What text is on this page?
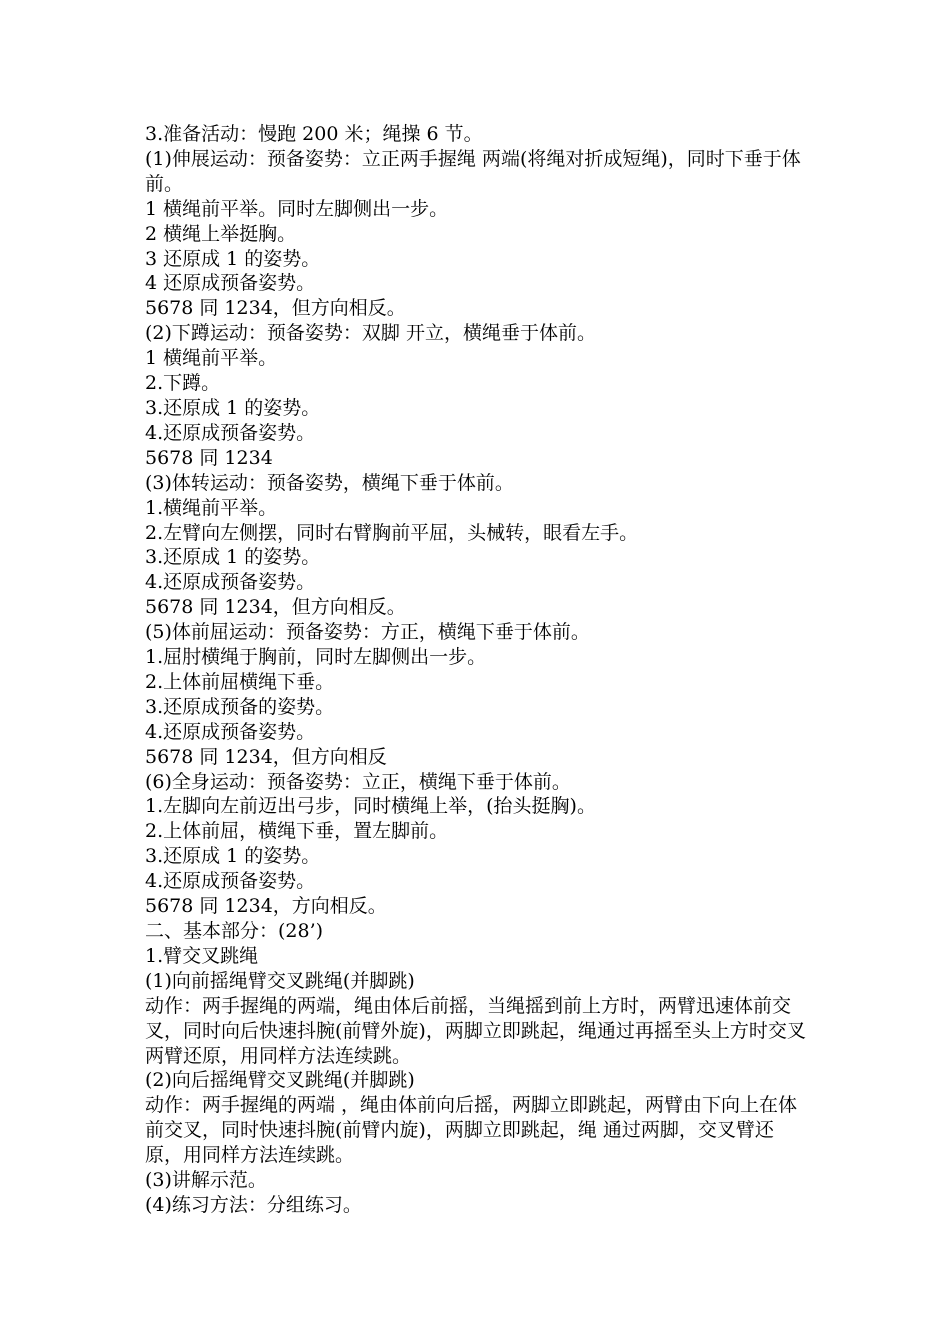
3.准备活动：慢跑 200 米；绳操 6 节。

(1)伸展运动：预备姿势：立正两手握绳 两端(将绳对折成短绳)，同时下垂于体前。

1 横绳前平举。同时左脚侧出一步。

2 横绳上举挺胸。

3 还原成 1 的姿势。

4 还原成预备姿势。

5678 同 1234，但方向相反。

(2)下蹲运动：预备姿势：双脚 开立，横绳垂于体前。

1 横绳前平举。

2.下蹲。

3.还原成 1 的姿势。

4.还原成预备姿势。

5678 同 1234

(3)体转运动：预备姿势，横绳下垂于体前。

1.横绳前平举。

2.左臂向左侧摆，同时右臂胸前平屈，头械转，眼看左手。

3.还原成 1 的姿势。

4.还原成预备姿势。

5678 同 1234，但方向相反。

(5)体前屈运动：预备姿势：方正，横绳下垂于体前。

1.屈肘横绳于胸前，同时左脚侧出一步。

2.上体前屈横绳下垂。

3.还原成预备的姿势。

4.还原成预备姿势。

5678 同 1234，但方向相反

(6)全身运动：预备姿势：立正，横绳下垂于体前。

1.左脚向左前迈出弓步，同时横绳上举，(抬头挺胸)。

2.上体前屈，横绳下垂，置左脚前。

3.还原成 1 的姿势。

4.还原成预备姿势。

5678 同 1234，方向相反。

二、基本部分：(28’)

1.臂交叉跳绳

(1)向前摇绳臂交叉跳绳(并脚跳)

动作：两手握绳的两端，绳由体后前摇，当绳摇到前上方时，两臂迅速体前交叉，同时向后快速抖腕(前臂外旋)，两脚立即跳起，绳通过再摇至头上方时交叉两臂还原，用同样方法连续跳。

(2)向后摇绳臂交叉跳绳(并脚跳)

动作：两手握绳的两端 ，绳由体前向后摇，两脚立即跳起，两臂由下向上在体前交叉，同时快速抖腕(前臂内旋)，两脚立即跳起，绳 通过两脚，交叉臂还原，用同样方法连续跳。

(3)讲解示范。

(4)练习方法：分组练习。
